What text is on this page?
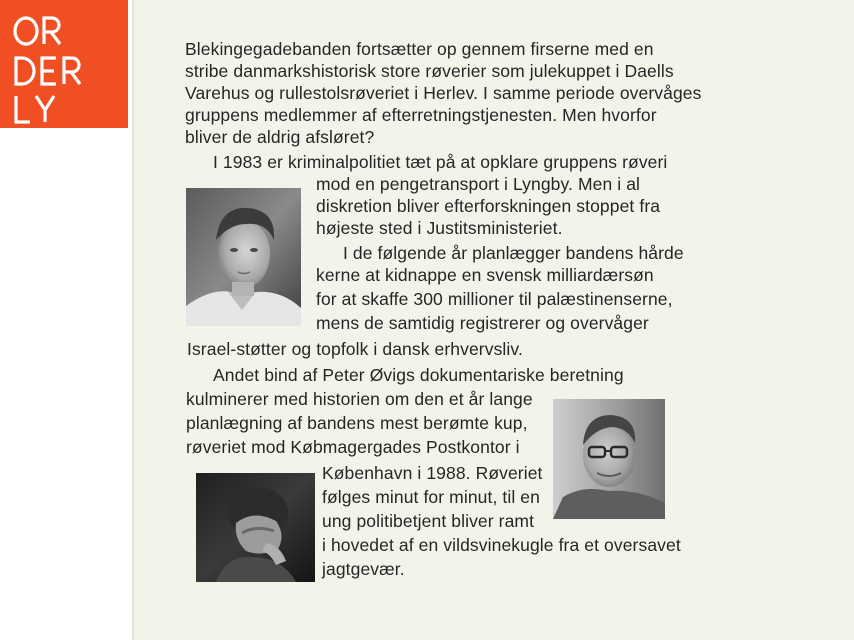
Blekingegadebanden fortsætter op gennem firserne med en

stribe danmarkshistorisk store røverier som julekuppet i Daells

Varehus og rullestolsrøveriet i Herlev. I samme periode overvåges

gruppens medlemmer af efterretningstjenesten. Men hvorfor

bliver de aldrig afsløret?

I 1983 er kriminalpolitiet tæt på at opklare gruppens røveri

mod en pengetransport i Lyngby. Men i al

diskretion bliver efterforskningen stoppet fra

højeste sted i Justitsministeriet.

I de følgende år planlægger bandens hårde

kerne at kidnappe en svensk milliardærsøn

for at skaffe 300 millioner til palæstinenserne,

mens de samtidig registrerer og overvåger

Israel-støtter og topfolk i dansk erhvervsliv.

Andet bind af Peter Øvigs dokumentariske beretning

kulminerer med historien om den et år lange

planlægning af bandens mest berømte kup,

røveriet mod Købmagergades Postkontor i

København i 1988. Røveriet

følges minut for minut, til en

ung politibetjent bliver ramt

i hovedet af en vildsvinekugle fra et oversavet

jagtgevær.
